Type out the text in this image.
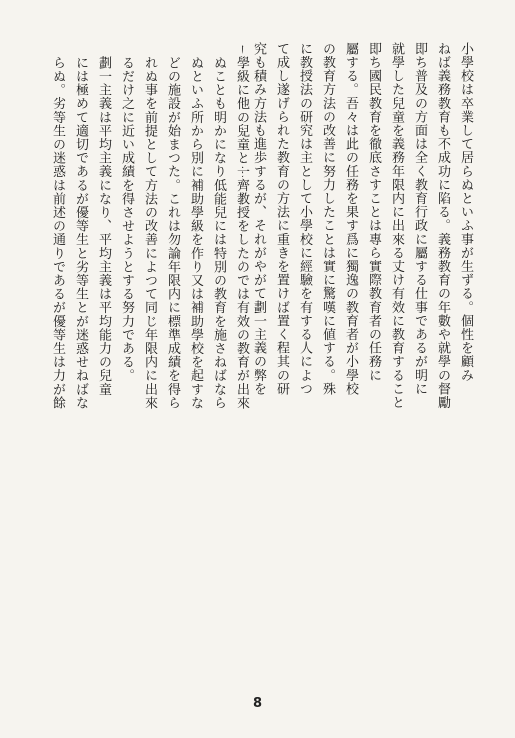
小學校は卒業して居らぬといふ事が生ずる。個性を顧み
ねば義務教育も不成功に陷る。義務教育の年數や就學の督勵
即ち普及の方面は全く教育行政に屬する仕事であるが明に
就學した兒童を義務年限内に出來る丈け有效に教育すること
即ち國民教育を徹底さすことは專ら實際教育者の任務に
屬する。吾々は此の任務を果す爲に獨逸の教育者が小學校
の教育方法の改善に努力したことは實に驚嘆に値する。殊
に教授法の研究は主として小學校に經驗を有する人によつ
て成し遂げられた教育の方法に重きを置けば置く程其の研
究も積み方法も進歩するが、それがやがて劃一主義の弊を

學級に他の兒童と一齊教授をしたのでは有效の教育が出來
ぬことも明かになり低能兒には特別の教育を施さねばなら
ぬといふ所から別に補助學級を作り又は補助學校を起すな
どの施設が始まつた。これは勿論年限内に標準成績を得ら
れぬ事を前提として方法の改善によつて同じ年限内に出來
るだけ之に近い成績を得させようとする努力である。
劃一主義は平均主義になり、平均主義は平均能力の兒童
には極めて適切であるが優等生と劣等生とが迷惑せねばな
らぬ。劣等生の迷惑は前述の通りであるが優等生は力が餘

8
